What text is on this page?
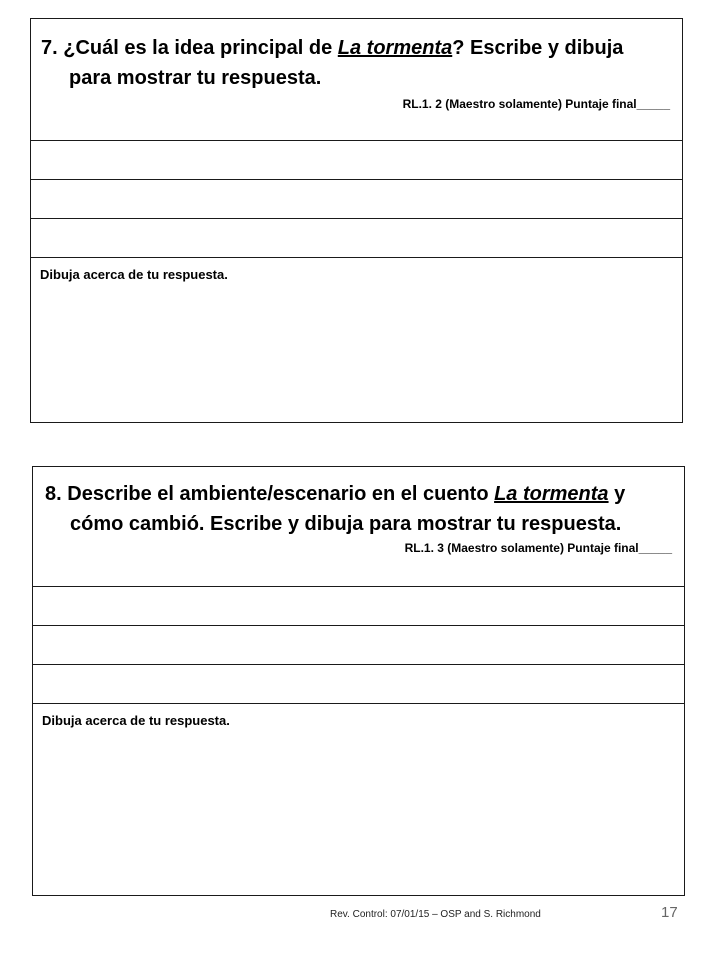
7. ¿Cuál es la idea principal de La tormenta? Escribe y dibuja para mostrar tu respuesta.
RL.1. 2 (Maestro solamente) Puntaje final_____
Dibuja acerca de tu respuesta.
8. Describe el ambiente/escenario en el cuento La tormenta y cómo cambió. Escribe y dibuja para mostrar tu respuesta.
RL.1. 3 (Maestro solamente) Puntaje final_____
Dibuja acerca de tu respuesta.
Rev. Control: 07/01/15 – OSP and S. Richmond	17
